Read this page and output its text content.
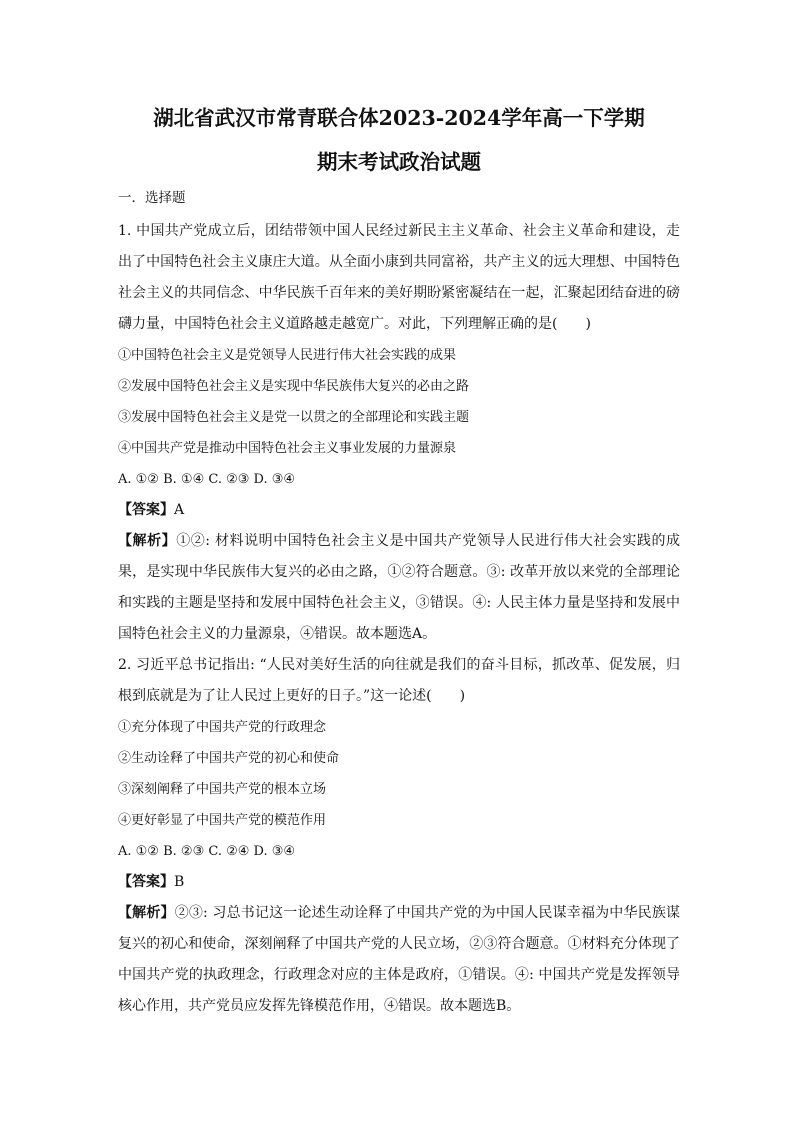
湖北省武汉市常青联合体2023-2024学年高一下学期
期末考试政治试题

一．选择题

1. 中国共产党成立后，团结带领中国人民经过新民主主义革命、社会主义革命和建设，走出了中国特色社会主义康庄大道。从全面小康到共同富裕，共产主义的远大理想、中国特色社会主义的共同信念、中华民族千百年来的美好期盼紧密凝结在一起，汇聚起团结奋进的磅礴力量，中国特色社会主义道路越走越宽广。对此，下列理解正确的是(　　)

①中国特色社会主义是党领导人民进行伟大社会实践的成果

②发展中国特色社会主义是实现中华民族伟大复兴的必由之路

③发展中国特色社会主义是党一以贯之的全部理论和实践主题

④中国共产党是推动中国特色社会主义事业发展的力量源泉

A. ①② B. ①④ C. ②③ D. ③④

【答案】A

【解析】①②: 材料说明中国特色社会主义是中国共产党领导人民进行伟大社会实践的成果，是实现中华民族伟大复兴的必由之路，①②符合题意。③: 改革开放以来党的全部理论和实践的主题是坚持和发展中国特色社会主义，③错误。④: 人民主体力量是坚持和发展中国特色社会主义的力量源泉，④错误。故本题选A。

2. 习近平总书记指出: “人民对美好生活的向往就是我们的奋斗目标，抓改革、促发展，归根到底就是为了让人民过上更好的日子。”这一论述(　　)

①充分体现了中国共产党的行政理念

②生动诠释了中国共产党的初心和使命

③深刻阐释了中国共产党的根本立场

④更好彰显了中国共产党的模范作用

A. ①② B. ②③ C. ②④ D. ③④

【答案】B

【解析】②③: 习总书记这一论述生动诠释了中国共产党的为中国人民谋幸福为中华民族谋复兴的初心和使命，深刻阐释了中国共产党的人民立场，②③符合题意。①材料充分体现了中国共产党的执政理念，行政理念对应的主体是政府，①错误。④: 中国共产党是发挥领导核心作用，共产党员应发挥先锋模范作用，④错误。故本题选B。
